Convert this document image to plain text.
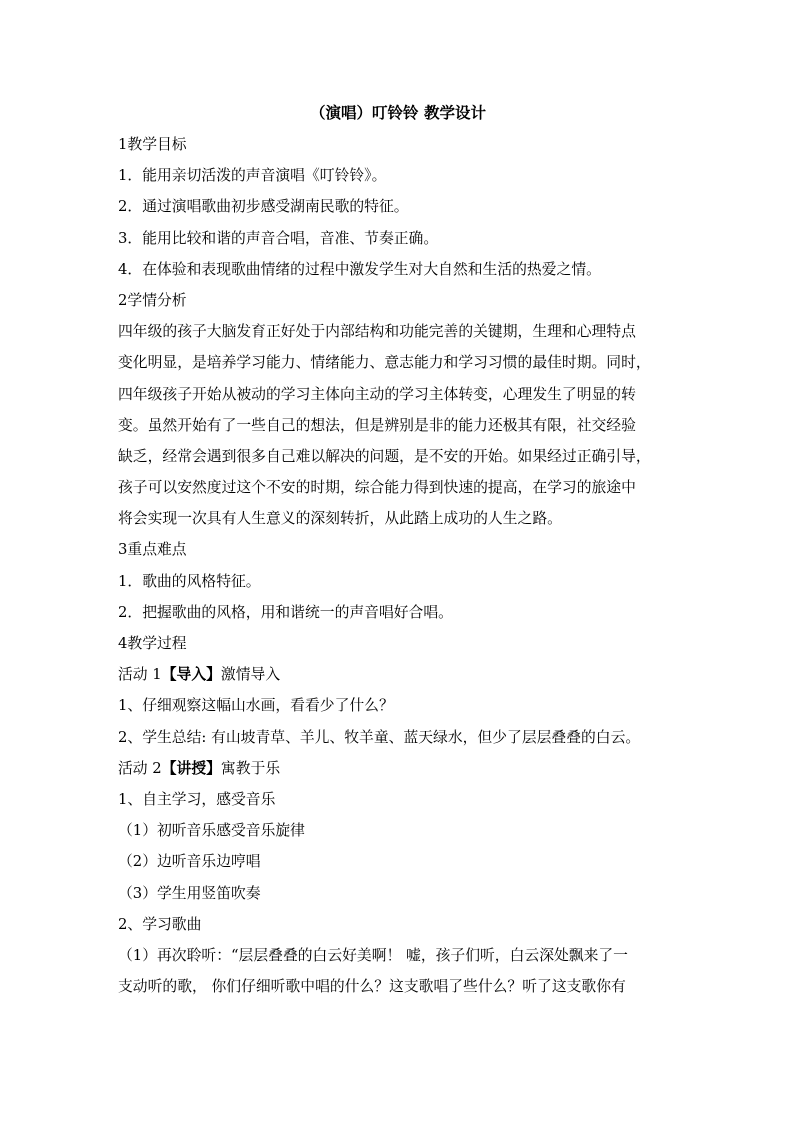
（演唱）叮铃铃 教学设计
1教学目标
1．能用亲切活泼的声音演唱《叮铃铃》。
2．通过演唱歌曲初步感受湖南民歌的特征。
3．能用比较和谐的声音合唱，音准、节奏正确。
4．在体验和表现歌曲情绪的过程中激发学生对大自然和生活的热爱之情。
2学情分析
四年级的孩子大脑发育正好处于内部结构和功能完善的关键期，生理和心理特点
变化明显，是培养学习能力、情绪能力、意志能力和学习习惯的最佳时期。同时，
四年级孩子开始从被动的学习主体向主动的学习主体转变，心理发生了明显的转
变。虽然开始有了一些自己的想法，但是辨别是非的能力还极其有限，社交经验
缺乏，经常会遇到很多自己难以解决的问题，是不安的开始。如果经过正确引导，
孩子可以安然度过这个不安的时期，综合能力得到快速的提高，在学习的旅途中
将会实现一次具有人生意义的深刻转折，从此踏上成功的人生之路。
3重点难点
1．歌曲的风格特征。
2．把握歌曲的风格，用和谐统一的声音唱好合唱。
4教学过程
活动 1【导入】激情导入
1、仔细观察这幅山水画，看看少了什么？
2、学生总结: 有山坡青草、羊儿、牧羊童、蓝天绿水，但少了层层叠叠的白云。
活动 2【讲授】寓教于乐
1、自主学习，感受音乐
（1）初听音乐感受音乐旋律
（2）边听音乐边哼唱
（3）学生用竖笛吹奏
2、学习歌曲
（1）再次聆听：“层层叠叠的白云好美啊！ 嘘，孩子们听，白云深处飘来了一
支动听的歌， 你们仔细听歌中唱的什么？这支歌唱了些什么？听了这支歌你有
